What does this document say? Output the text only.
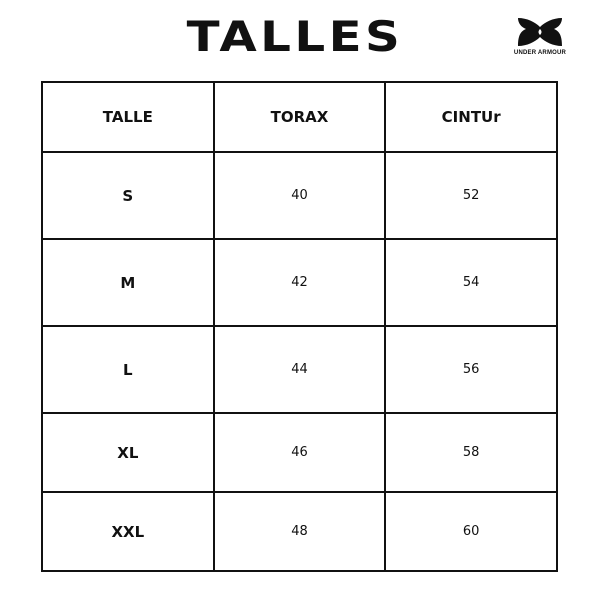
TALLES	UNDER ARMOUR
TALLE	TORAX	CINTUr
S	40	52
M	42	54
L	44	56
XL	46	58
XXL	48	60
